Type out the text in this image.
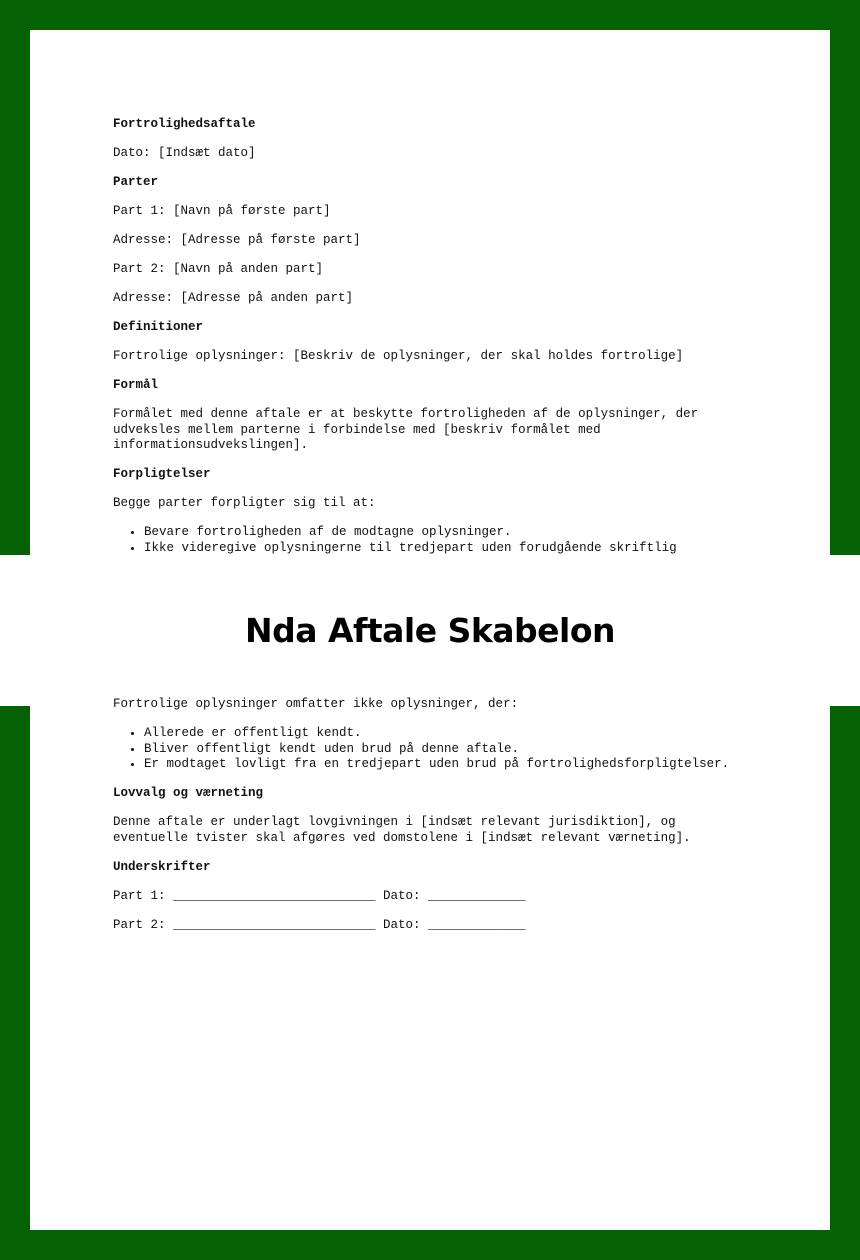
Fortrolighedsaftale

Dato: [Indsæt dato]

Parter

Part 1: [Navn på første part]

Adresse: [Adresse på første part]

Part 2: [Navn på anden part]

Adresse: [Adresse på anden part]

Definitioner

Fortrolige oplysninger: [Beskriv de oplysninger, der skal holdes fortrolige]

Formål

Formålet med denne aftale er at beskytte fortroligheden af de oplysninger, der udveksles mellem parterne i forbindelse med [beskriv formålet med informationsudvekslingen].

Forpligtelser

Begge parter forpligter sig til at:

• Bevare fortroligheden af de modtagne oplysninger.
• Ikke videregive oplysningerne til tredjepart uden forudgående skriftlig
Nda Aftale Skabelon

Fortrolige oplysninger omfatter ikke oplysninger, der:

• Allerede er offentligt kendt.
• Bliver offentligt kendt uden brud på denne aftale.
• Er modtaget lovligt fra en tredjepart uden brud på fortrolighedsforpligtelser.

Lovvalg og værneting

Denne aftale er underlagt lovgivningen i [indsæt relevant jurisdiktion], og eventuelle tvister skal afgøres ved domstolene i [indsæt relevant værneting].

Underskrifter

Part 1: ___________________________ Dato: _____________

Part 2: ___________________________ Dato: _____________
